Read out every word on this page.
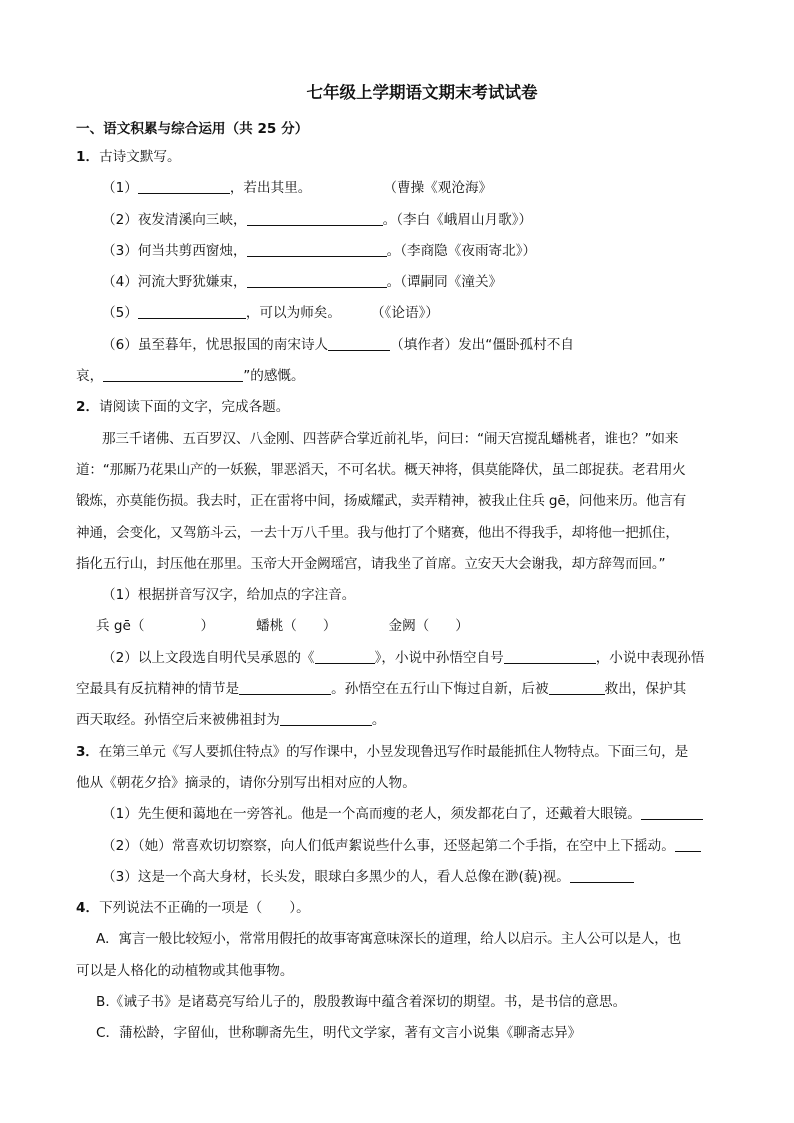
七年级上学期语文期末考试试卷
一、语文积累与综合运用（共 25 分）
1．古诗文默写。
（1）	，若出其里。	（曹操《观沧海》
（2）夜发清溪向三峡，	。（李白《峨眉山月歌》）
（3）何当共剪西窗烛，	。（李商隐《夜雨寄北》）
（4）河流大野犹嫌束，	。（谭嗣同《潼关》
（5）	，可以为师矣。 （《论语》）
（6）虽至暮年，忧思报国的南宋诗人	（填作者）发出“僵卧孤村不自
哀，	”的感慨。
2．请阅读下面的文字，完成各题。
那三千诸佛、五百罗汉、八金刚、四菩萨合掌近前礼毕，问曰：“闹天宫搅乱蟠桃者，谁也？”如来
道：“那厮乃花果山产的一妖猴，罪恶滔天，不可名状。概天神将，俱莫能降伏，虽二郎捉获。老君用火
锻炼，亦莫能伤损。我去时，正在雷将中间，扬威耀武，卖弄精神，被我止住兵 gē，问他来历。他言有
神通，会变化，又驾筋斗云，一去十万八千里。我与他打了个赌赛，他出不得我手，却将他一把抓住，
指化五行山，封压他在那里。玉帝大开金阙瑶宫，请我坐了首席。立安天大会谢我，却方辞驾而回。”
（1）根据拼音写汉字，给加点的字注音。
兵 gē（	）	蟠桃（ ）	金阙（ ）
（2）以上文段选自明代吴承恩的《	》，小说中孙悟空自号	，小说中表现孙悟
空最具有反抗精神的情节是	。孙悟空在五行山下悔过自新，后被	救出，保护其
西天取经。孙悟空后来被佛祖封为	。
3．在第三单元《写人要抓住特点》的写作课中，小昱发现鲁迅写作时最能抓住人物特点。下面三句，是
他从《朝花夕拾》摘录的，请你分别写出相对应的人物。
（1）先生便和蔼地在一旁答礼。他是一个高而瘦的老人，须发都花白了，还戴着大眼镜。
（2）（她）常喜欢切切察察，向人们低声絮说些什么事，还竖起第二个手指，在空中上下摇动。
（3）这是一个高大身材，长头发，眼球白多黑少的人，看人总像在渺(藐)视。
4．下列说法不正确的一项是（　　）。
A．寓言一般比较短小，常常用假托的故事寄寓意味深长的道理，给人以启示。主人公可以是人，也
可以是人格化的动植物或其他事物。
B.《诫子书》是诸葛亮写给儿子的，殷殷教诲中蕴含着深切的期望。书，是书信的意思。
C．蒲松龄，字留仙，世称聊斋先生，明代文学家，著有文言小说集《聊斋志异》
